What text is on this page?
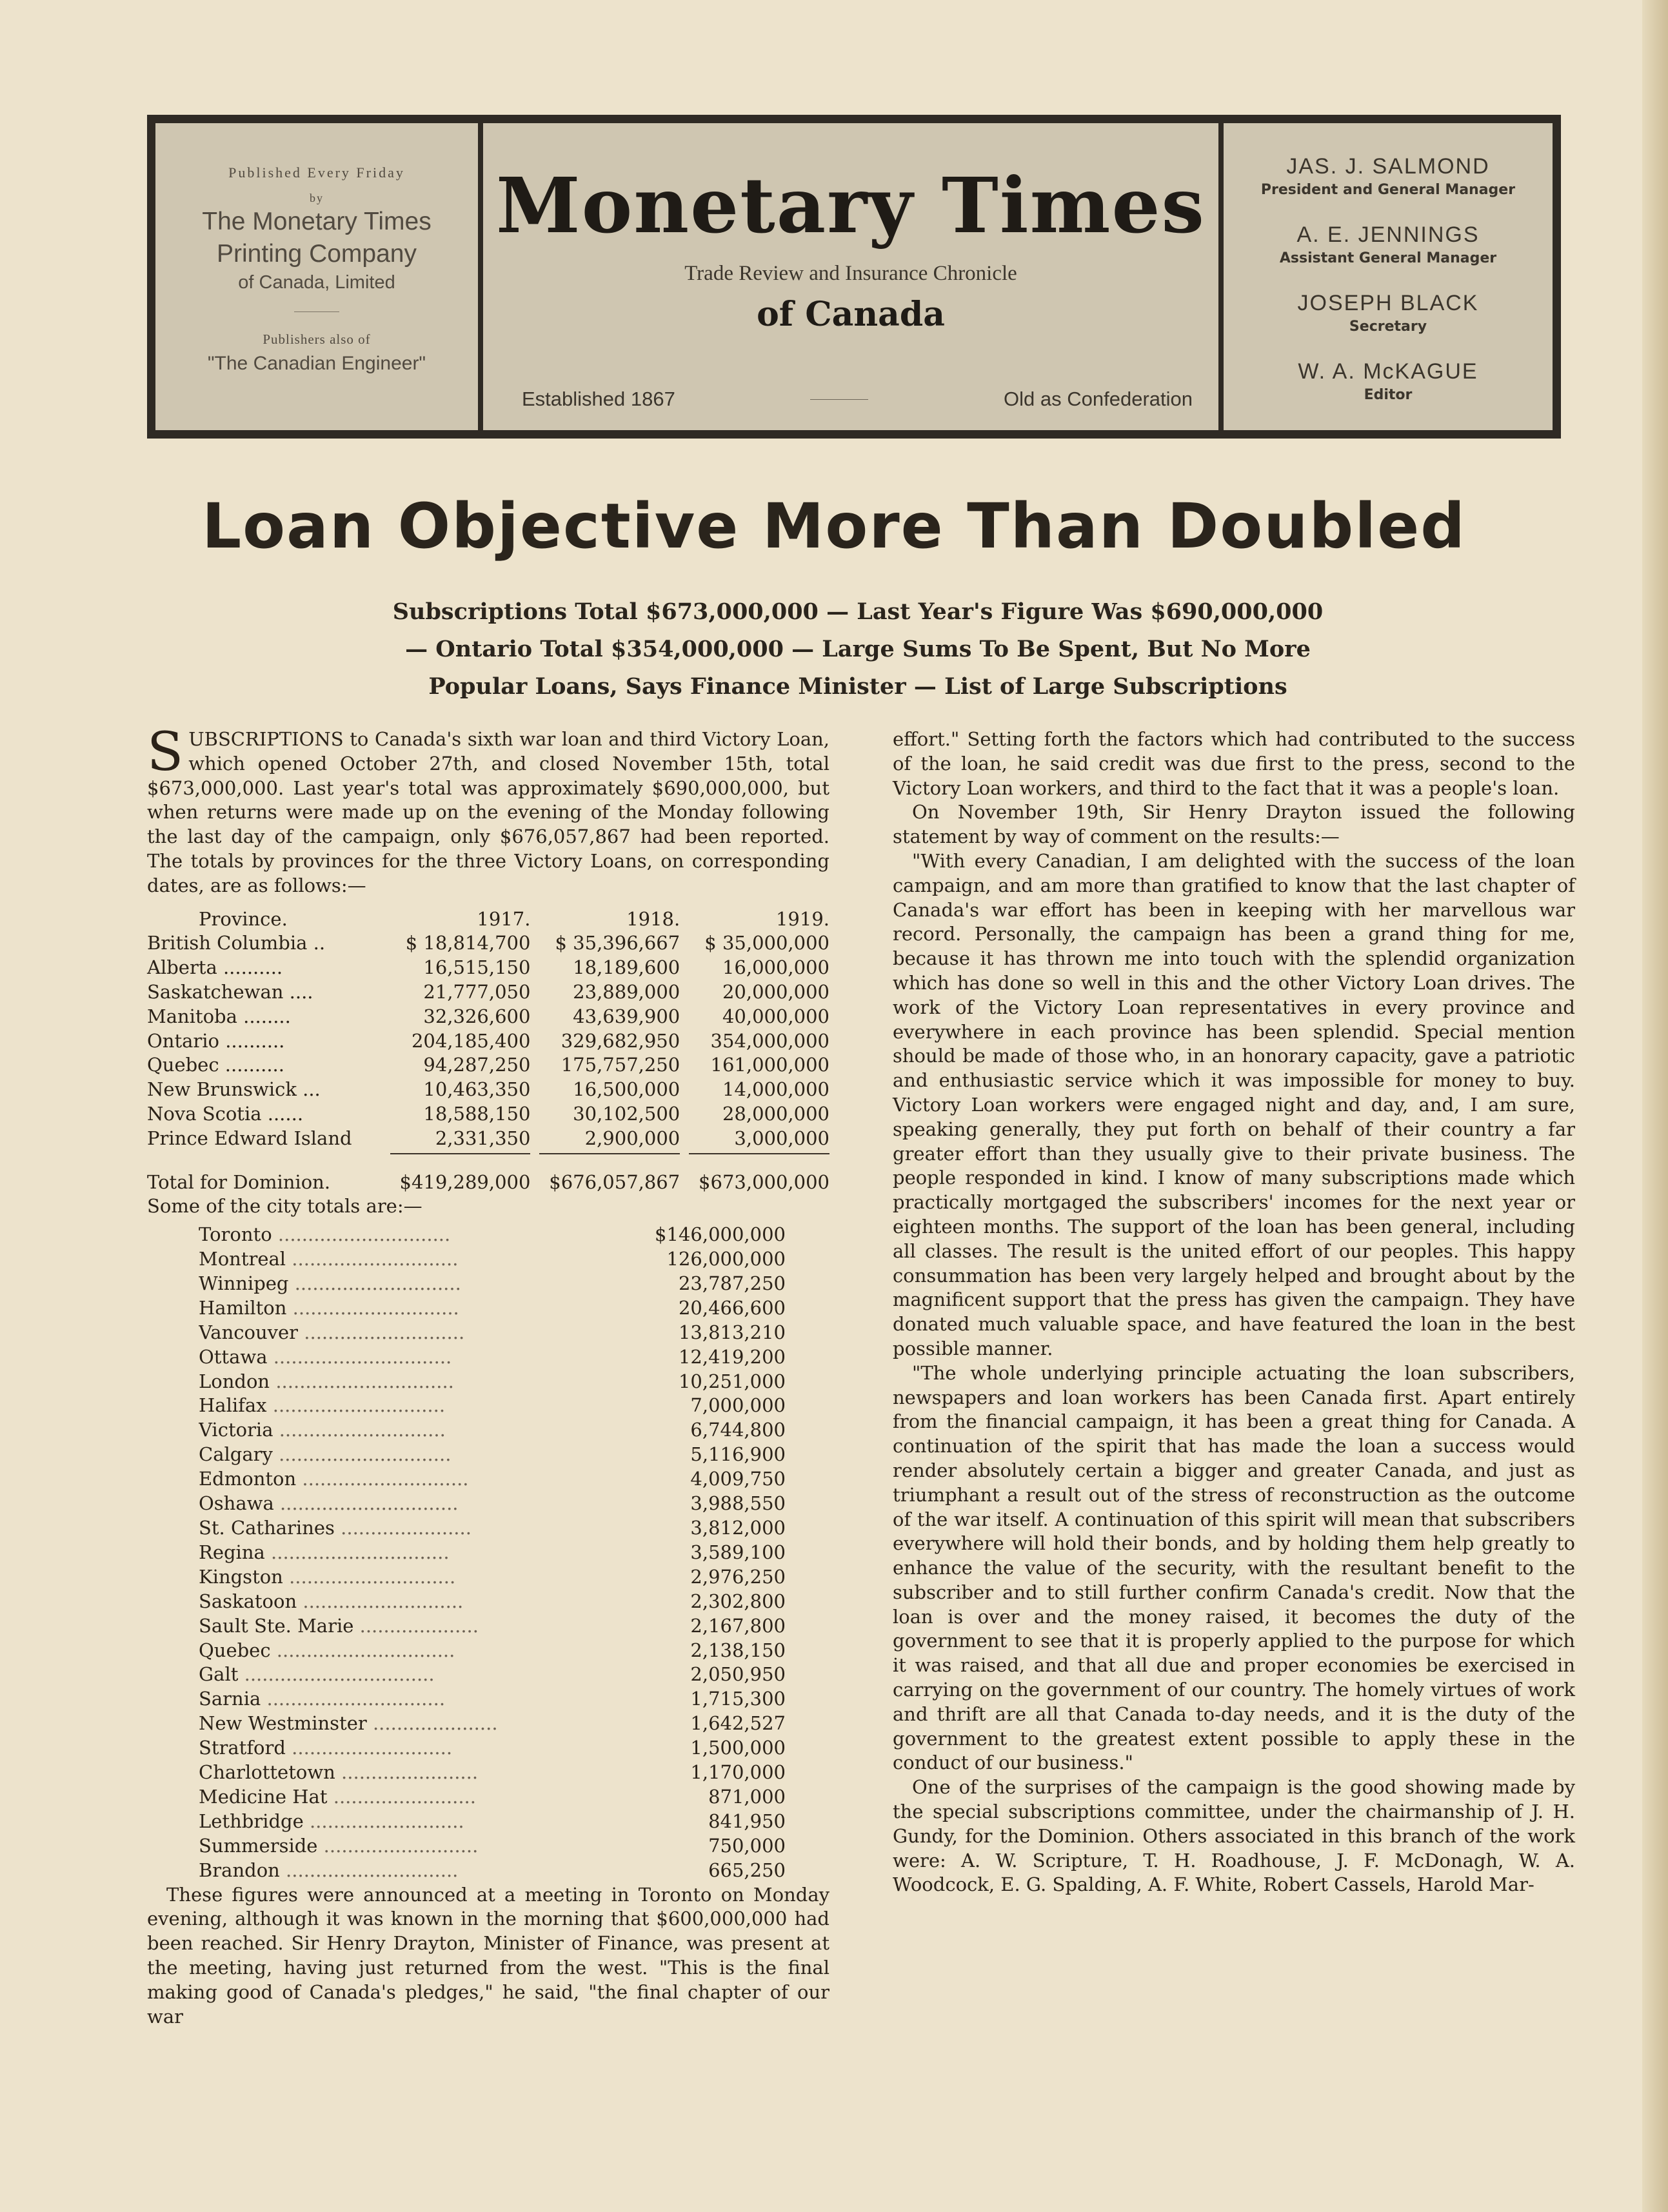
Published Every Friday
by
The Monetary Times
Printing Company
of Canada, Limited
Publishers also of
"The Canadian Engineer"
Monetary Times
Trade Review and Insurance Chronicle
of Canada
Established 1867	Old as Confederation
JAS. J. SALMOND
President and General Manager
A. E. JENNINGS
Assistant General Manager
JOSEPH BLACK
Secretary
W. A. McKAGUE
Editor
Loan Objective More Than Doubled
Subscriptions Total $673,000,000 — Last Year's Figure Was $690,000,000
— Ontario Total $354,000,000 — Large Sums To Be Spent, But No More
Popular Loans, Says Finance Minister — List of Large Subscriptions

SUBSCRIPTIONS to Canada's sixth war loan and third Victory Loan, which opened October 27th, and closed November 15th, total $673,000,000. Last year's total was approximately $690,000,000, but when returns were made up on the evening of the Monday following the last day of the campaign, only $676,057,867 had been reported. The totals by provinces for the three Victory Loans, on corresponding dates, are as follows:—

Province.	1917.	1918.	1919.
British Columbia ..	$ 18,814,700	$ 35,396,667	$ 35,000,000
Alberta ..........	16,515,150	18,189,600	16,000,000
Saskatchewan ....	21,777,050	23,889,000	20,000,000
Manitoba ........	32,326,600	43,639,900	40,000,000
Ontario ..........	204,185,400	329,682,950	354,000,000
Quebec ..........	94,287,250	175,757,250	161,000,000
New Brunswick ...	10,463,350	16,500,000	14,000,000
Nova Scotia ......	18,588,150	30,102,500	28,000,000
Prince Edward Island	2,331,350	2,900,000	3,000,000

Total for Dominion.	$419,289,000	$676,057,867	$673,000,000

Some of the city totals are:—

Toronto .............................	$146,000,000
Montreal ............................	126,000,000
Winnipeg ............................	23,787,250
Hamilton ............................	20,466,600
Vancouver ...........................	13,813,210
Ottawa ..............................	12,419,200
London ..............................	10,251,000
Halifax .............................	7,000,000
Victoria ............................	6,744,800
Calgary .............................	5,116,900
Edmonton ............................	4,009,750
Oshawa ..............................	3,988,550
St. Catharines ......................	3,812,000
Regina ..............................	3,589,100
Kingston ............................	2,976,250
Saskatoon ...........................	2,302,800
Sault Ste. Marie ....................	2,167,800
Quebec ..............................	2,138,150
Galt ................................	2,050,950
Sarnia ..............................	1,715,300
New Westminster .....................	1,642,527
Stratford ...........................	1,500,000
Charlottetown .......................	1,170,000
Medicine Hat ........................	871,000
Lethbridge ..........................	841,950
Summerside ..........................	750,000
Brandon .............................	665,250

These figures were announced at a meeting in Toronto on Monday evening, although it was known in the morning that $600,000,000 had been reached. Sir Henry Drayton, Minister of Finance, was present at the meeting, having just returned from the west. "This is the final making good of Canada's pledges," he said, "the final chapter of our war

effort." Setting forth the factors which had contributed to the success of the loan, he said credit was due first to the press, second to the Victory Loan workers, and third to the fact that it was a people's loan.

On November 19th, Sir Henry Drayton issued the following statement by way of comment on the results:—

"With every Canadian, I am delighted with the success of the loan campaign, and am more than gratified to know that the last chapter of Canada's war effort has been in keeping with her marvellous war record. Personally, the campaign has been a grand thing for me, because it has thrown me into touch with the splendid organization which has done so well in this and the other Victory Loan drives. The work of the Victory Loan representatives in every province and everywhere in each province has been splendid. Special mention should be made of those who, in an honorary capacity, gave a patriotic and enthusiastic service which it was impossible for money to buy. Victory Loan workers were engaged night and day, and, I am sure, speaking generally, they put forth on behalf of their country a far greater effort than they usually give to their private business. The people responded in kind. I know of many subscriptions made which practically mortgaged the subscribers' incomes for the next year or eighteen months. The support of the loan has been general, including all classes. The result is the united effort of our peoples. This happy consummation has been very largely helped and brought about by the magnificent support that the press has given the campaign. They have donated much valuable space, and have featured the loan in the best possible manner.

"The whole underlying principle actuating the loan subscribers, newspapers and loan workers has been Canada first. Apart entirely from the financial campaign, it has been a great thing for Canada. A continuation of the spirit that has made the loan a success would render absolutely certain a bigger and greater Canada, and just as triumphant a result out of the stress of reconstruction as the outcome of the war itself. A continuation of this spirit will mean that subscribers everywhere will hold their bonds, and by holding them help greatly to enhance the value of the security, with the resultant benefit to the subscriber and to still further confirm Canada's credit. Now that the loan is over and the money raised, it becomes the duty of the government to see that it is properly applied to the purpose for which it was raised, and that all due and proper economies be exercised in carrying on the government of our country. The homely virtues of work and thrift are all that Canada to-day needs, and it is the duty of the government to the greatest extent possible to apply these in the conduct of our business."

One of the surprises of the campaign is the good showing made by the special subscriptions committee, under the chairmanship of J. H. Gundy, for the Dominion. Others associated in this branch of the work were: A. W. Scripture, T. H. Roadhouse, J. F. McDonagh, W. A. Woodcock, E. G. Spalding, A. F. White, Robert Cassels, Harold Mar-
